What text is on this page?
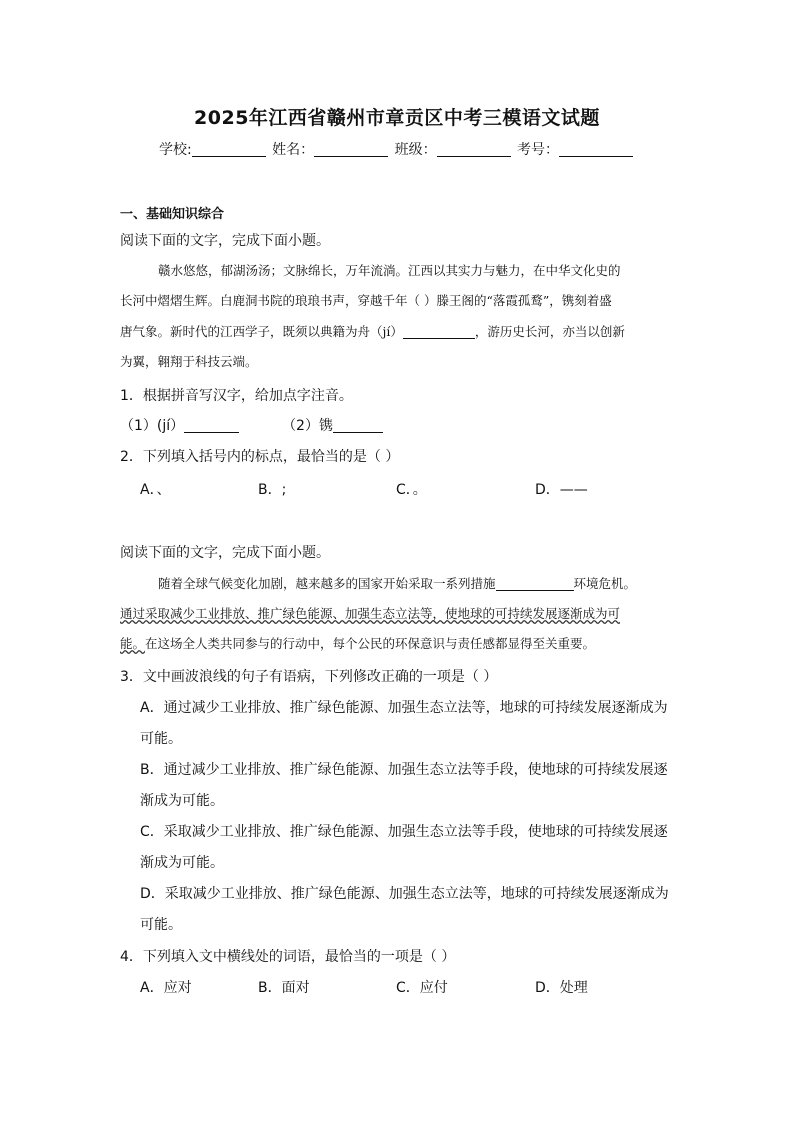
2025年江西省赣州市章贡区中考三模语文试题
学校:	姓名：	班级：	考号：
一、基础知识综合
阅读下面的文字，完成下面小题。
赣水悠悠，郁湖汤汤；文脉绵长，万年流淌。江西以其实力与魅力，在中华文化史的
长河中熠熠生辉。白鹿洞书院的琅琅书声，穿越千年（ ）滕王阁的“落霞孤鹜”，镌刻着盛
唐气象。新时代的江西学子，既须以典籍为舟（jí）	，游历史长河，亦当以创新
为翼，翱翔于科技云端。
1．根据拼音写汉字，给加点字注音。
（1）(jí）	（2）镌
2．下列填入括号内的标点，最恰当的是（ ）
A．、	B．;	C．。	D．——
阅读下面的文字，完成下面小题。
随着全球气候变化加剧，越来越多的国家开始采取一系列措施	环境危机。
通过采取减少工业排放、推广绿色能源、加强生态立法等，使地球的可持续发展逐渐成为可
能。在这场全人类共同参与的行动中，每个公民的环保意识与责任感都显得至关重要。
3．文中画波浪线的句子有语病，下列修改正确的一项是（ ）
A．通过减少工业排放、推广绿色能源、加强生态立法等，地球的可持续发展逐渐成为
可能。
B．通过减少工业排放、推广绿色能源、加强生态立法等手段，使地球的可持续发展逐
渐成为可能。
C．采取减少工业排放、推广绿色能源、加强生态立法等手段，使地球的可持续发展逐
渐成为可能。
D．采取减少工业排放、推广绿色能源、加强生态立法等，地球的可持续发展逐渐成为
可能。
4．下列填入文中横线处的词语，最恰当的一项是（ ）
A．应对	B．面对	C．应付	D．处理
